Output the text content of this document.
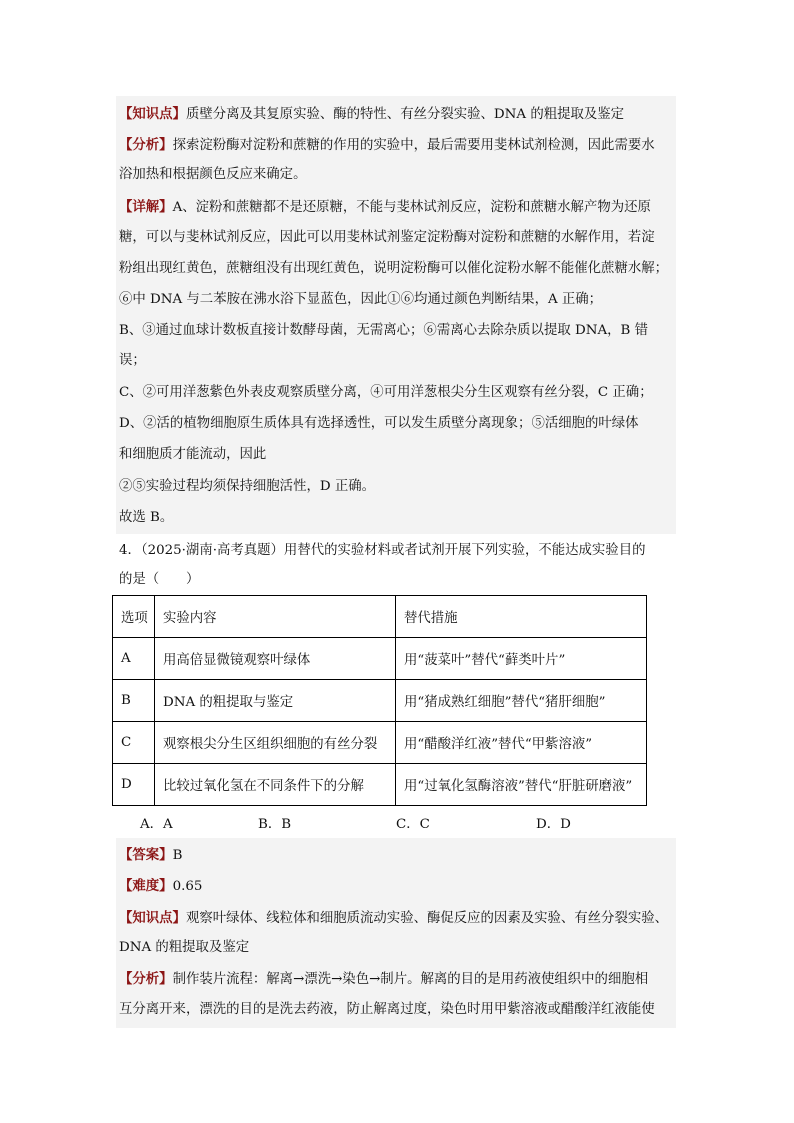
【知识点】质壁分离及其复原实验、酶的特性、有丝分裂实验、DNA 的粗提取及鉴定
【分析】探索淀粉酶对淀粉和蔗糖的作用的实验中，最后需要用斐林试剂检测，因此需要水
浴加热和根据颜色反应来确定。
【详解】A、淀粉和蔗糖都不是还原糖，不能与斐林试剂反应，淀粉和蔗糖水解产物为还原
糖，可以与斐林试剂反应，因此可以用斐林试剂鉴定淀粉酶对淀粉和蔗糖的水解作用，若淀
粉组出现红黄色，蔗糖组没有出现红黄色，说明淀粉酶可以催化淀粉水解不能催化蔗糖水解；
⑥中 DNA 与二苯胺在沸水浴下显蓝色，因此①⑥均通过颜色判断结果，A 正确；
B、③通过血球计数板直接计数酵母菌，无需离心；⑥需离心去除杂质以提取 DNA，B 错
误；
C、②可用洋葱紫色外表皮观察质壁分离，④可用洋葱根尖分生区观察有丝分裂，C 正确；
D、②活的植物细胞原生质体具有选择透性，可以发生质壁分离现象；⑤活细胞的叶绿体
和细胞质才能流动，因此
②⑤实验过程均须保持细胞活性，D 正确。
故选 B。
4．（2025·湖南·高考真题）用替代的实验材料或者试剂开展下列实验，不能达成实验目的
的是（　　）
选项	实验内容	替代措施
A	用高倍显微镜观察叶绿体	用“菠菜叶”替代“藓类叶片”
B	DNA 的粗提取与鉴定	用“猪成熟红细胞”替代“猪肝细胞”
C	观察根尖分生区组织细胞的有丝分裂	用“醋酸洋红液”替代“甲紫溶液”
D	比较过氧化氢在不同条件下的分解	用“过氧化氢酶溶液”替代“肝脏研磨液”
A．A	B．B	C．C	D．D
【答案】B
【难度】0.65
【知识点】观察叶绿体、线粒体和细胞质流动实验、酶促反应的因素及实验、有丝分裂实验、
DNA 的粗提取及鉴定
【分析】制作装片流程：解离→漂洗→染色→制片。解离的目的是用药液使组织中的细胞相
互分离开来，漂洗的目的是洗去药液，防止解离过度，染色时用甲紫溶液或醋酸洋红液能使
